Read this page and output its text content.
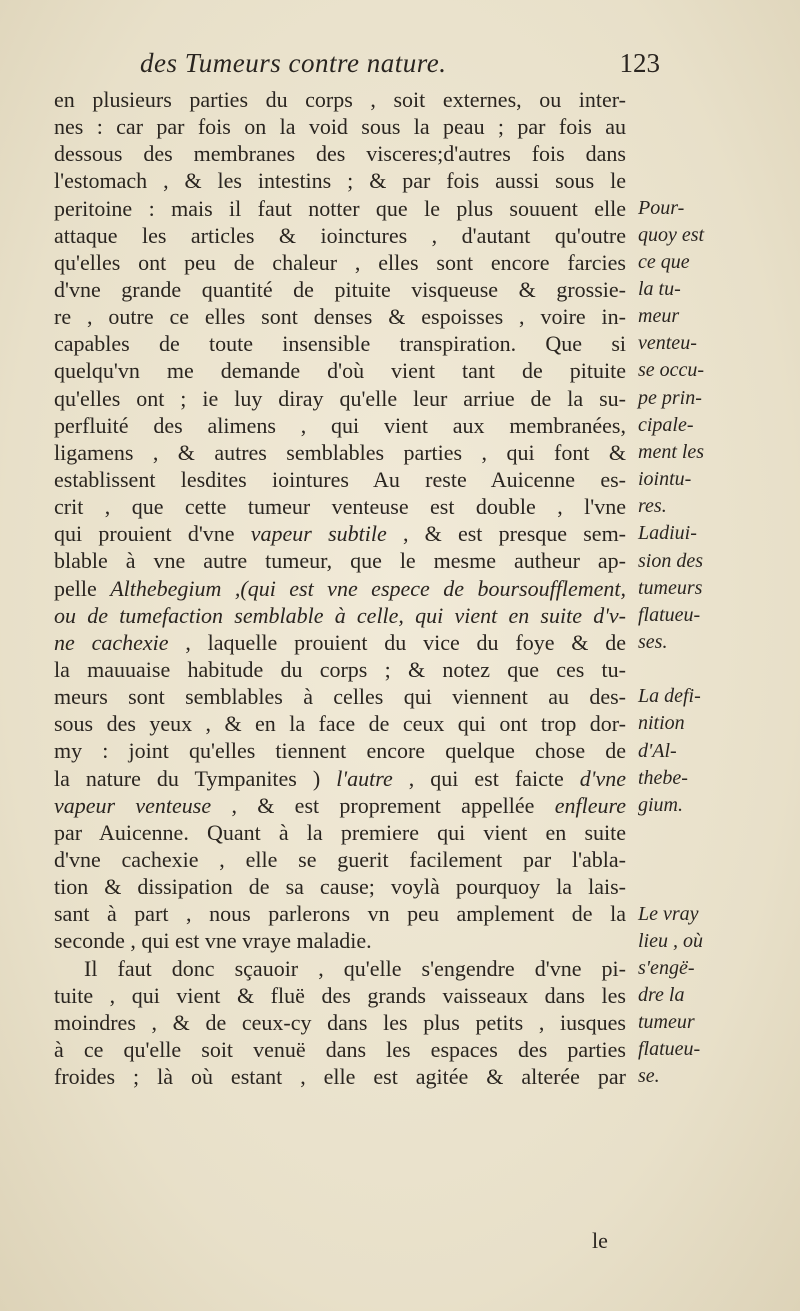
des Tumeurs contre nature.	123
en plusieurs parties du corps , soit externes, ou inter-
nes : car par fois on la void sous la peau ; par fois au
dessous des membranes des visceres;d'autres fois dans
l'estomach , & les intestins ; & par fois aussi sous le
peritoine : mais il faut notter que le plus souuent elle
attaque les articles & ioinctures , d'autant qu'outre
qu'elles ont peu de chaleur , elles sont encore farcies
d'vne grande quantité de pituite visqueuse & grossie-
re , outre ce elles sont denses & espoisses , voire in-
capables de toute insensible transpiration. Que si
quelqu'vn me demande d'où vient tant de pituite
qu'elles ont ; ie luy diray qu'elle leur arriue de la su-
perfluité des alimens , qui vient aux membranées,
ligamens , & autres semblables parties , qui font &
establissent lesdites iointures Au reste Auicenne es-
crit , que cette tumeur venteuse est double , l'vne
qui prouient d'vne vapeur subtile , & est presque sem-
blable à vne autre tumeur, que le mesme autheur ap-
pelle Althebegium ,(qui est vne espece de boursoufflement,
ou de tumefaction semblable à celle, qui vient en suite d'v-
ne cachexie , laquelle prouient du vice du foye & de
la mauuaise habitude du corps ; & notez que ces tu-
meurs sont semblables à celles qui viennent au des-
sous des yeux , & en la face de ceux qui ont trop dor-
my : joint qu'elles tiennent encore quelque chose de
la nature du Tympanites ) l'autre , qui est faicte d'vne
vapeur venteuse , & est proprement appellée enfleure
par Auicenne. Quant à la premiere qui vient en suite
d'vne cachexie , elle se guerit facilement par l'abla-
tion & dissipation de sa cause; voylà pourquoy la lais-
sant à part , nous parlerons vn peu amplement de la
seconde , qui est vne vraye maladie.
Il faut donc sçauoir , qu'elle s'engendre d'vne pi-
tuite , qui vient & fluë des grands vaisseaux dans les
moindres , & de ceux-cy dans les plus petits , iusques
à ce qu'elle soit venuë dans les espaces des parties
froides ; là où estant , elle est agitée & alterée par
Pour-
quoy est
ce que
la tu-
meur
venteu-
se occu-
pe prin-
cipale-
ment les
iointu-
res.
Ladiui-
sion des
tumeurs
flatueu-
ses.
La defi-
nition
d'Al-
thebe-
gium.
Le vray
lieu , où
s'engë-
dre la
tumeur
flatueu-
se.
le
